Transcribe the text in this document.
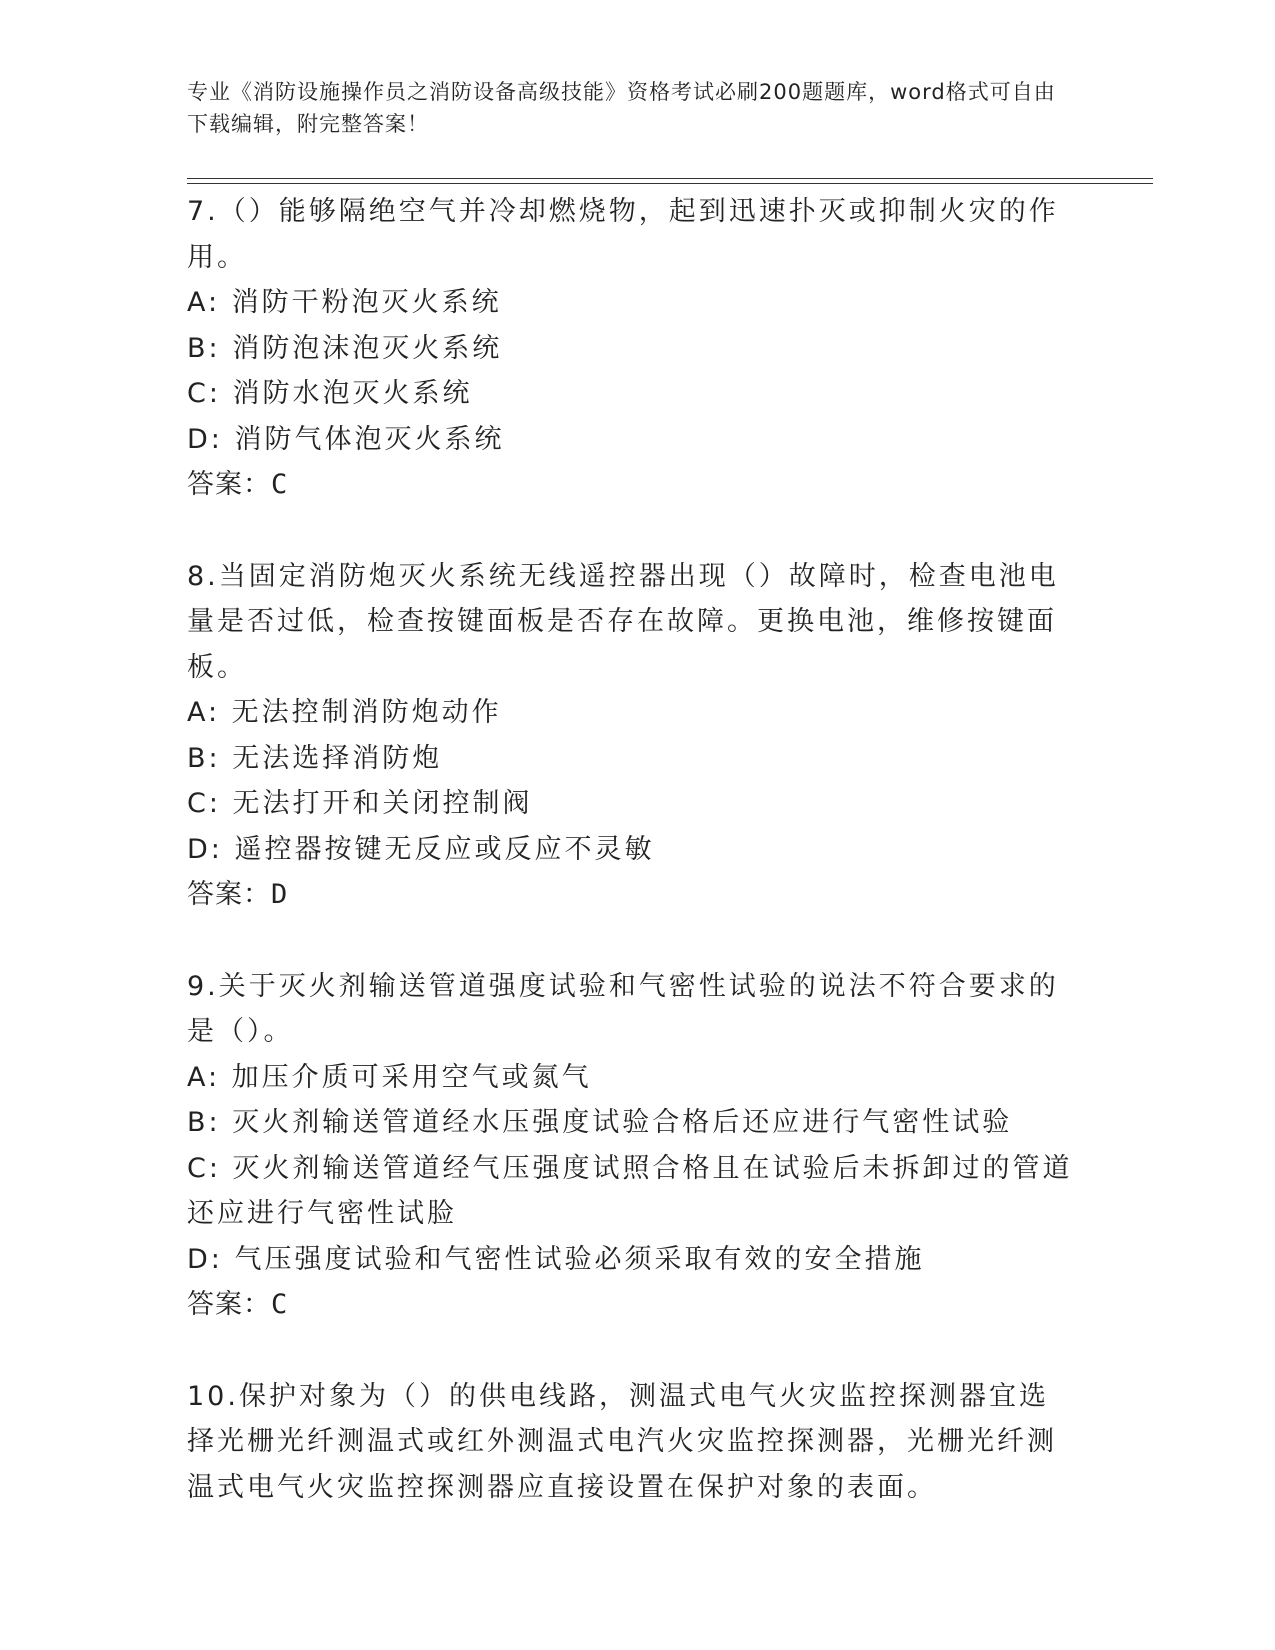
专业《消防设施操作员之消防设备高级技能》资格考试必刷200题题库，word格式可自由下载编辑，附完整答案！

7.（）能够隔绝空气并冷却燃烧物，起到迅速扑灭或抑制火灾的作用。

A: 消防干粉泡灭火系统

B: 消防泡沫泡灭火系统

C: 消防水泡灭火系统

D: 消防气体泡灭火系统

答案：C

8.当固定消防炮灭火系统无线遥控器出现（）故障时，检查电池电量是否过低，检查按键面板是否存在故障。更换电池，维修按键面板。

A: 无法控制消防炮动作

B: 无法选择消防炮

C: 无法打开和关闭控制阀

D: 遥控器按键无反应或反应不灵敏

答案：D

9.关于灭火剂输送管道强度试验和气密性试验的说法不符合要求的是（）。

A: 加压介质可采用空气或氮气

B: 灭火剂输送管道经水压强度试验合格后还应进行气密性试验

C: 灭火剂输送管道经气压强度试照合格且在试验后未拆卸过的管道还应进行气密性试脸

D: 气压强度试验和气密性试验必须采取有效的安全措施

答案：C

10.保护对象为（）的供电线路，测温式电气火灾监控探测器宜选择光栅光纤测温式或红外测温式电汽火灾监控探测器，光栅光纤测温式电气火灾监控探测器应直接设置在保护对象的表面。
